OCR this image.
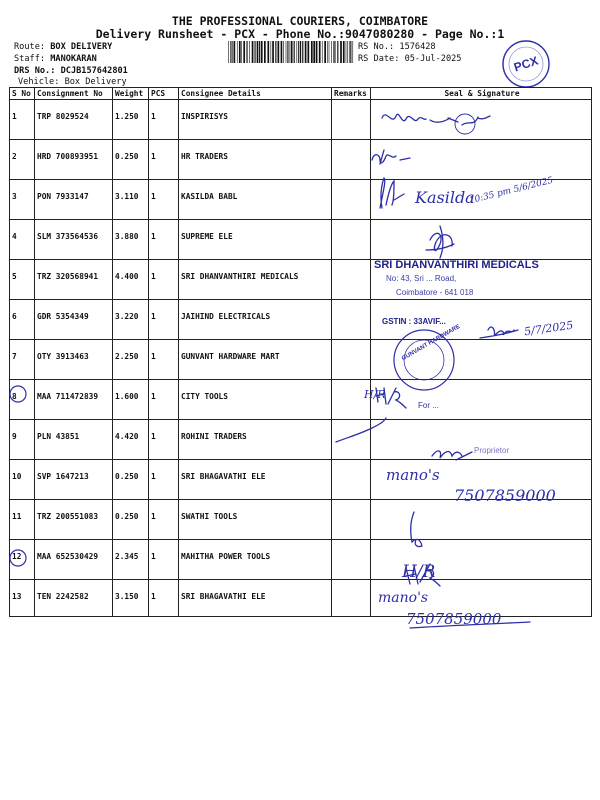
THE PROFESSIONAL COURIERS, COIMBATORE
Delivery Runsheet - PCX - Phone No.:9047080280 - Page No.:1
Route: BOX DELIVERY
Staff: MANOKARAN
DRS No.: DCJB157642801
Vehicle: Box Delivery
RS No.: 1576428
RS Date: 05-Jul-2025	PCX
S No	Consignment No	Weight	PCS	Consignee Details	Remarks	Seal & Signature
1	TRP 8029524	1.250	1	INSPIRISYS		
2	HRD 700893951	0.250	1	HR TRADERS		
3	PON 7933147	3.110	1	KASILDA BABL		
4	SLM 373564536	3.880	1	SUPREME ELE		
5	TRZ 320568941	4.400	1	SRI DHANVANTHIRI MEDICALS		
6	GDR 5354349	3.220	1	JAIHIND ELECTRICALS		
7	OTY 3913463	2.250	1	GUNVANT HARDWARE MART		
8	MAA 711472839	1.600	1	CITY TOOLS		
9	PLN 43851	4.420	1	ROHINI TRADERS		
10	SVP 1647213	0.250	1	SRI BHAGAVATHI ELE		
11	TRZ 200551083	0.250	1	SWATHI TOOLS		
12	MAA 652530429	2.345	1	MAHITHA POWER TOOLS		
13	TEN 2242582	3.150	1	SRI BHAGAVATHI ELE		
Kasilda
10:35 pm 5/6/2025
SRI DHANVANTHIRI MEDICALS
No: 43, Sri ... Road,
Coimbatore - 641 018
GSTIN : 33AVIF...	5/7/2025
GUNVANT HARDWARE
For ...
Proprietor
H/R
mano's
7507859000
H/R
mano's
7507859000
